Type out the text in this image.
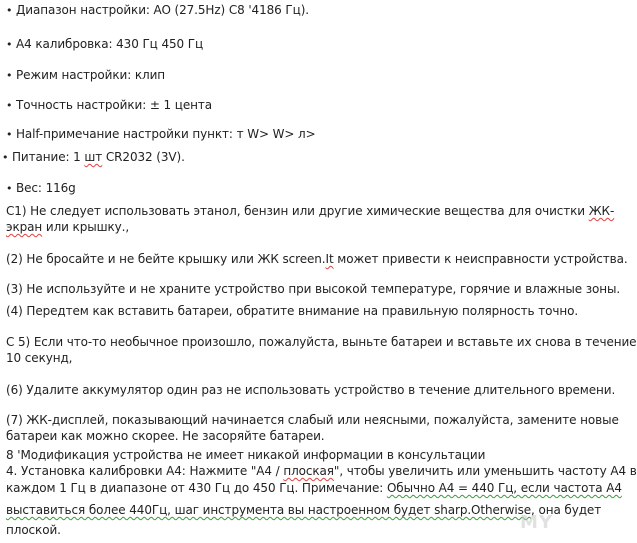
• Диапазон настройки: AO (27.5Hz) C8 '4186 Гц).
• А4 калибровка: 430 Гц 450 Гц
• Режим настройки: клип
• Точность настройки: ± 1 цента
• Half-примечание настройки пункт: т W> W> л>
• Питание: 1 шт CR2032 (3V).
• Вес: 116g
С1) Не следует использовать этанол, бензин или другие химические вещества для очистки ЖК-
экран или крышку.,
(2) Не бросайте и не бейте крышку или ЖК screen.It может привести к неисправности устройства.
(3) Не используйте и не храните устройство при высокой температуре, горячие и влажные зоны.
(4) Передтем как вставить батареи, обратите внимание на правильную полярность точно.
С 5) Если что-то необычное произошло, пожалуйста, выньте батареи и вставьте их снова в течение
10 секунд,
(6) Удалите аккумулятор один раз не использовать устройство в течение длительного времени.
(7) ЖК-дисплей, показывающий начинается слабый или неясными, пожалуйста, замените новые
батареи как можно скорее. Не засоряйте батареи.
8 'Модификация устройства не имеет никакой информации в консультации
4. Установка калибровки А4: Нажмите "А4 / плоская", чтобы увеличить или уменьшить частоту А4 в
каждом 1 Гц в диапазоне от 430 Гц до 450 Гц. Примечание: Обычно А4 = 440 Гц, если частота А4
выставиться более 440Гц, шаг инструмента вы настроенном будет sharp.Otherwise, она будет
плоской.	MY
